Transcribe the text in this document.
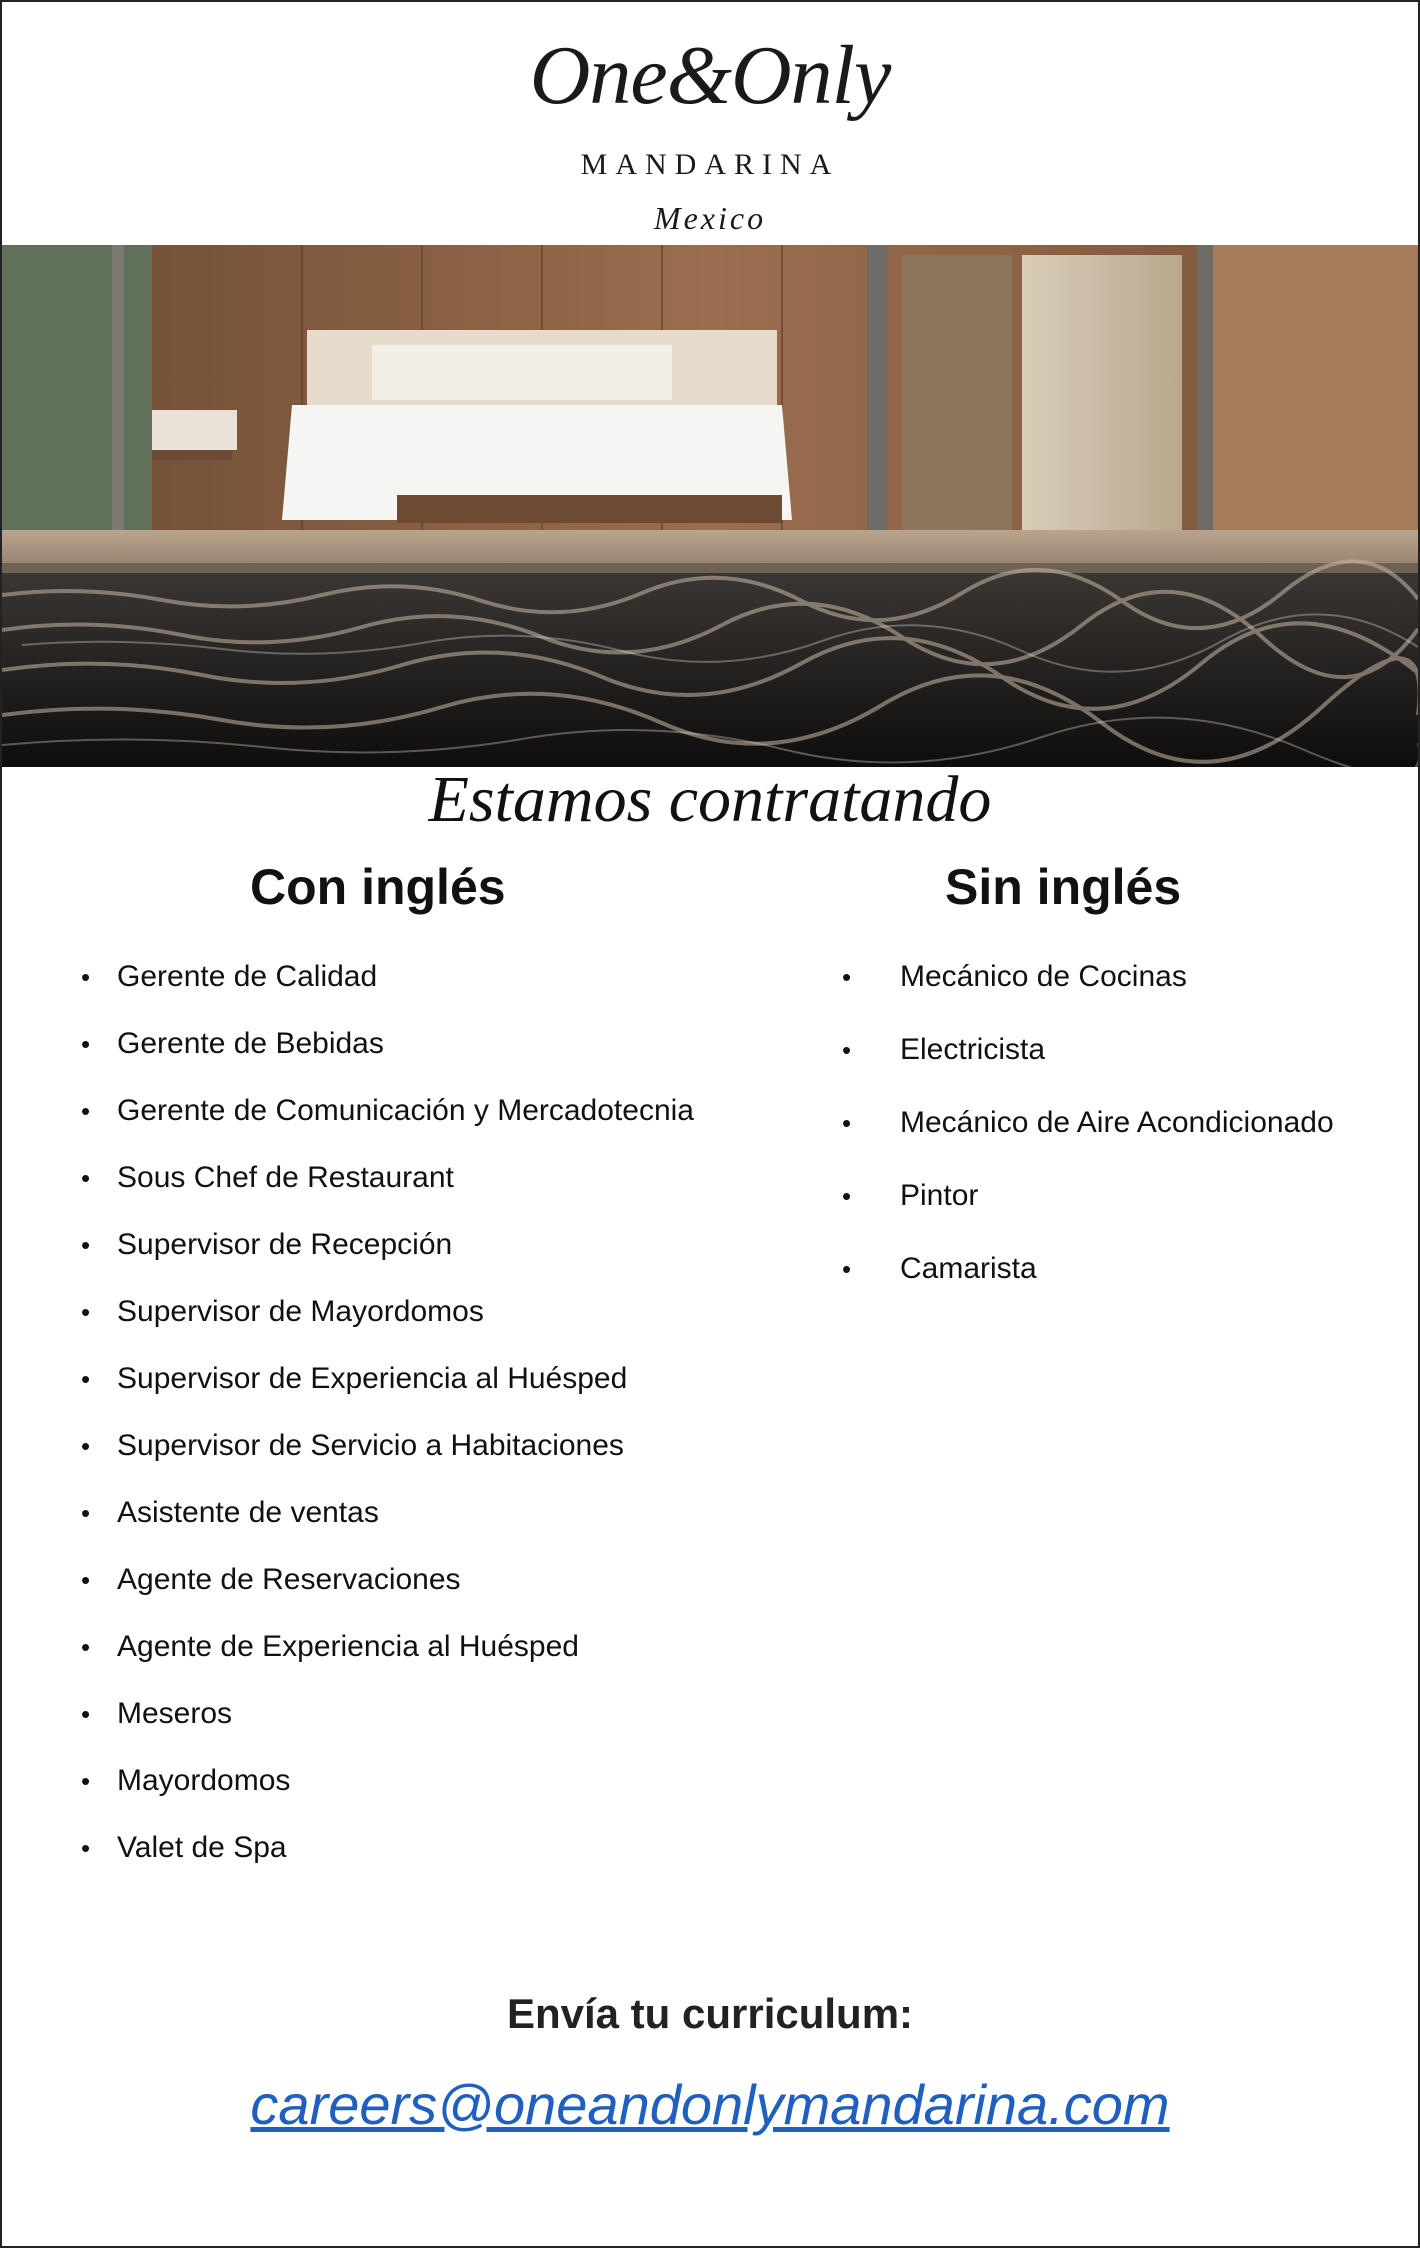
One&Only
MANDARINA
Mexico
Estamos contratando
Con inglés	Sin inglés
• Gerente de Calidad
• Gerente de Bebidas
• Gerente de Comunicación y Mercadotecnia
• Sous Chef de Restaurant
• Supervisor de Recepción
• Supervisor de Mayordomos
• Supervisor de Experiencia al Huésped
• Supervisor de Servicio a Habitaciones
• Asistente de ventas
• Agente de Reservaciones
• Agente de Experiencia al Huésped
• Meseros
• Mayordomos
• Valet de Spa
• Mecánico de Cocinas
• Electricista
• Mecánico de Aire Acondicionado
• Pintor
• Camarista
Envía tu curriculum:
careers@oneandonlymandarina.com
